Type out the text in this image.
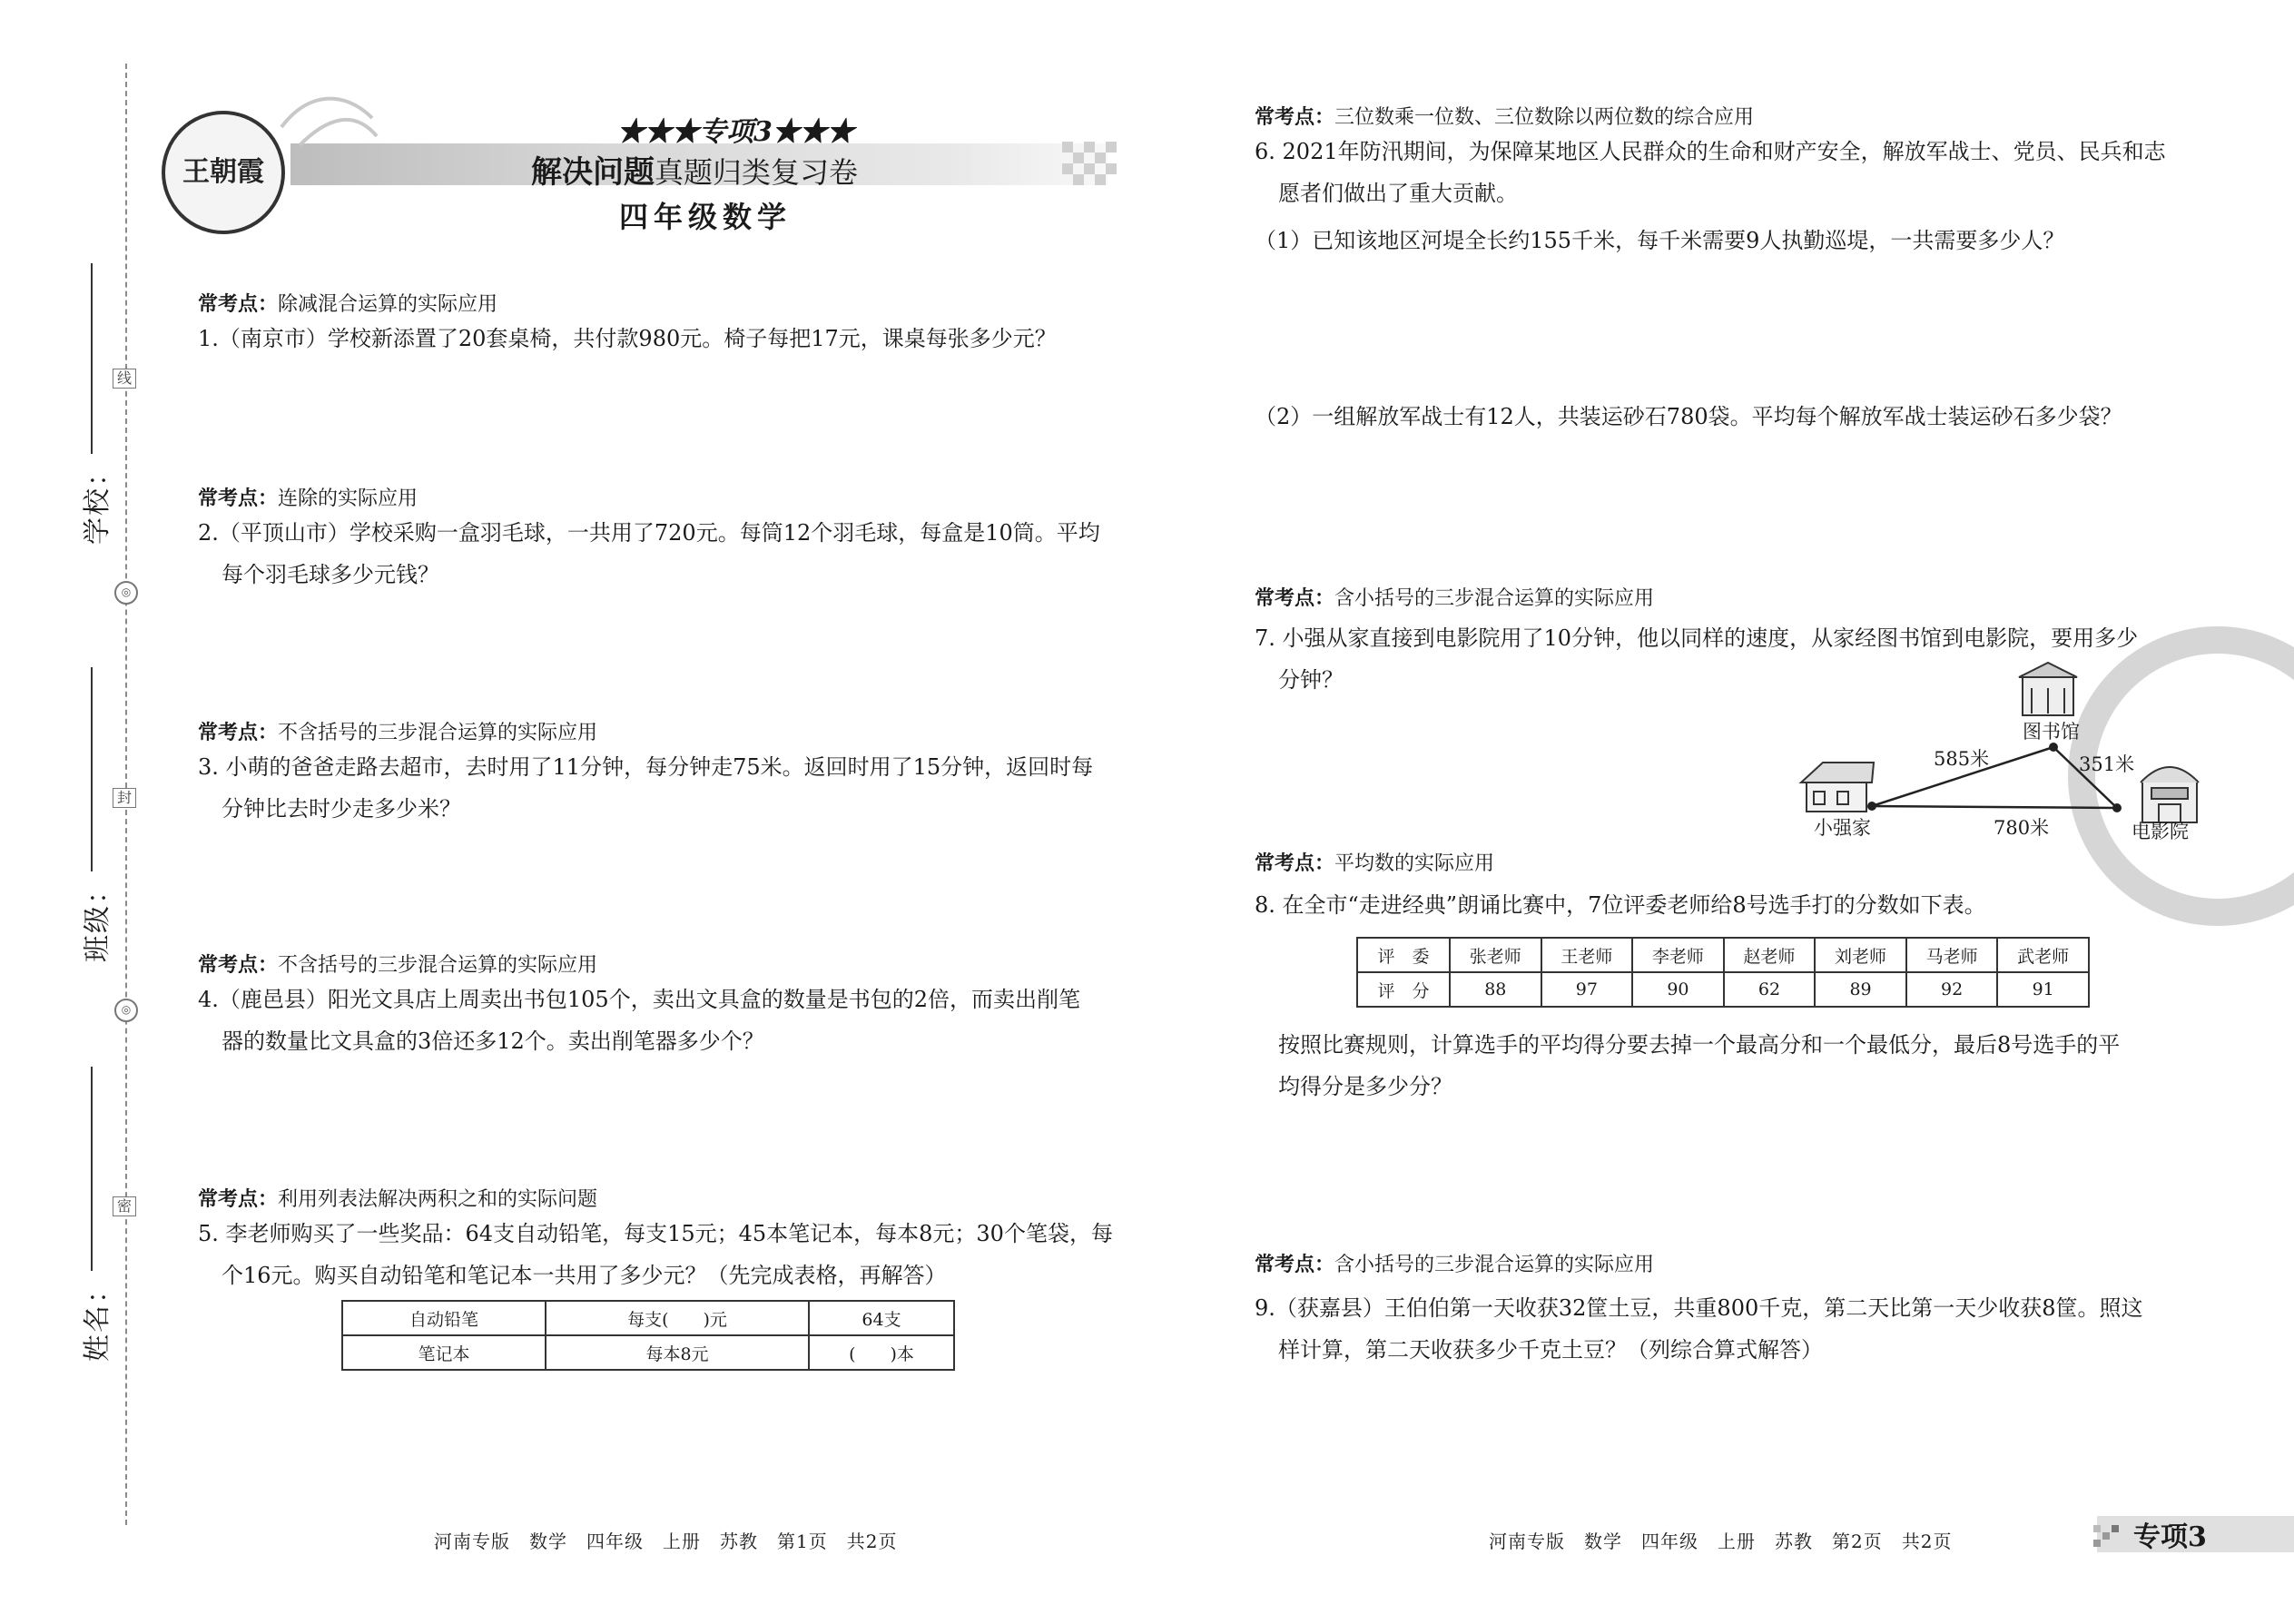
线
◎
封
◎
密
学校：
班级：
姓名：
王朝霞
★★★专项3★★★
解决问题真题归类复习卷
四年级数学
常考点：除减混合运算的实际应用
1.（南京市）学校新添置了20套桌椅，共付款980元。椅子每把17元，课桌每张多少元？
常考点：连除的实际应用
2.（平顶山市）学校采购一盒羽毛球，一共用了720元。每筒12个羽毛球，每盒是10筒。平均
每个羽毛球多少元钱？
常考点：不含括号的三步混合运算的实际应用
3. 小萌的爸爸走路去超市，去时用了11分钟，每分钟走75米。返回时用了15分钟，返回时每
分钟比去时少走多少米？
常考点：不含括号的三步混合运算的实际应用
4.（鹿邑县）阳光文具店上周卖出书包105个，卖出文具盒的数量是书包的2倍，而卖出削笔
器的数量比文具盒的3倍还多12个。卖出削笔器多少个？
常考点：利用列表法解决两积之和的实际问题
5. 李老师购买了一些奖品：64支自动铅笔，每支15元；45本笔记本，每本8元；30个笔袋，每
个16元。购买自动铅笔和笔记本一共用了多少元？（先完成表格，再解答）
自动铅笔	每支(　　)元	64支
笔记本	每本8元	(　　)本
河南专版　数学　四年级　上册　苏教　第1页　共2页
常考点：三位数乘一位数、三位数除以两位数的综合应用
6. 2021年防汛期间，为保障某地区人民群众的生命和财产安全，解放军战士、党员、民兵和志
愿者们做出了重大贡献。
（1）已知该地区河堤全长约155千米，每千米需要9人执勤巡堤，一共需要多少人？
（2）一组解放军战士有12人，共装运砂石780袋。平均每个解放军战士装运砂石多少袋？
常考点：含小括号的三步混合运算的实际应用
7. 小强从家直接到电影院用了10分钟，他以同样的速度，从家经图书馆到电影院，要用多少
分钟？
图书馆
585米	351米
小强家	780米	电影院
常考点：平均数的实际应用
8. 在全市“走进经典”朗诵比赛中，7位评委老师给8号选手打的分数如下表。
评　委	张老师	王老师	李老师	赵老师	刘老师	马老师	武老师
评　分	88	97	90	62	89	92	91
按照比赛规则，计算选手的平均得分要去掉一个最高分和一个最低分，最后8号选手的平
均得分是多少分？
常考点：含小括号的三步混合运算的实际应用
9.（获嘉县）王伯伯第一天收获32筐土豆，共重800千克，第二天比第一天少收获8筐。照这
样计算，第二天收获多少千克土豆？（列综合算式解答）
河南专版　数学　四年级　上册　苏教　第2页　共2页	专项3
